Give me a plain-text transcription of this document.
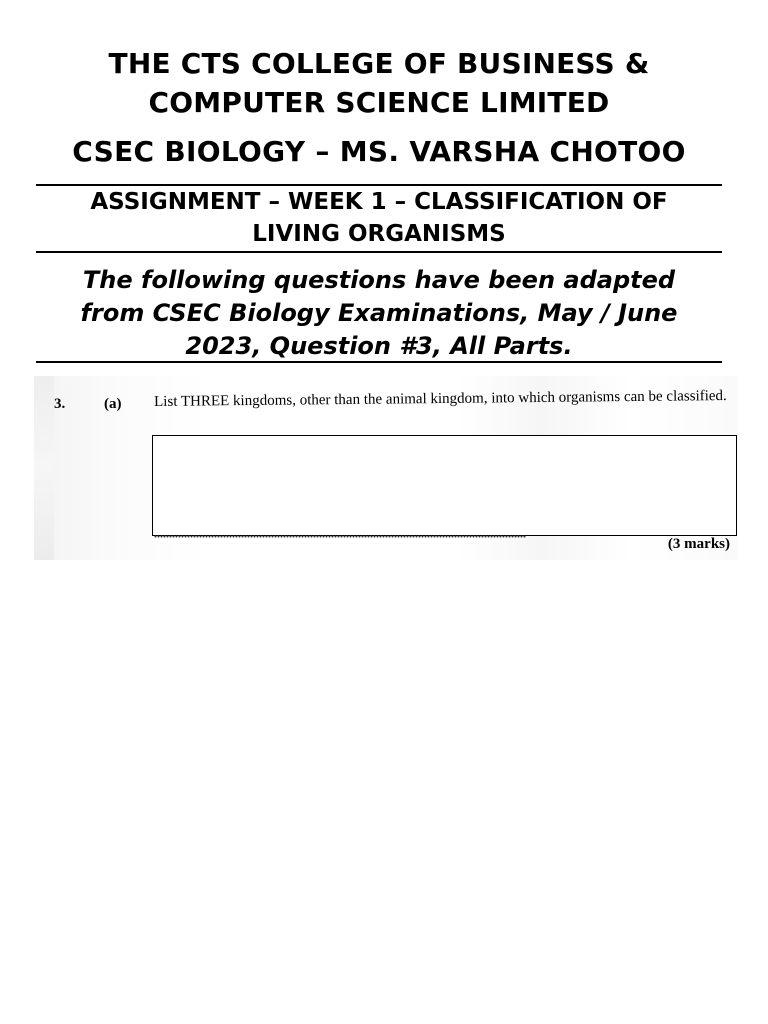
THE CTS COLLEGE OF BUSINESS &
COMPUTER SCIENCE LIMITED
CSEC BIOLOGY – MS. VARSHA CHOTOO
ASSIGNMENT – WEEK 1 – CLASSIFICATION OF
LIVING ORGANISMS
The following questions have been adapted
from CSEC Biology Examinations, May / June
2023, Question #3, All Parts.
3.	(a) List THREE kingdoms, other than the animal kingdom, into which organisms can be classified.
(3 marks)
